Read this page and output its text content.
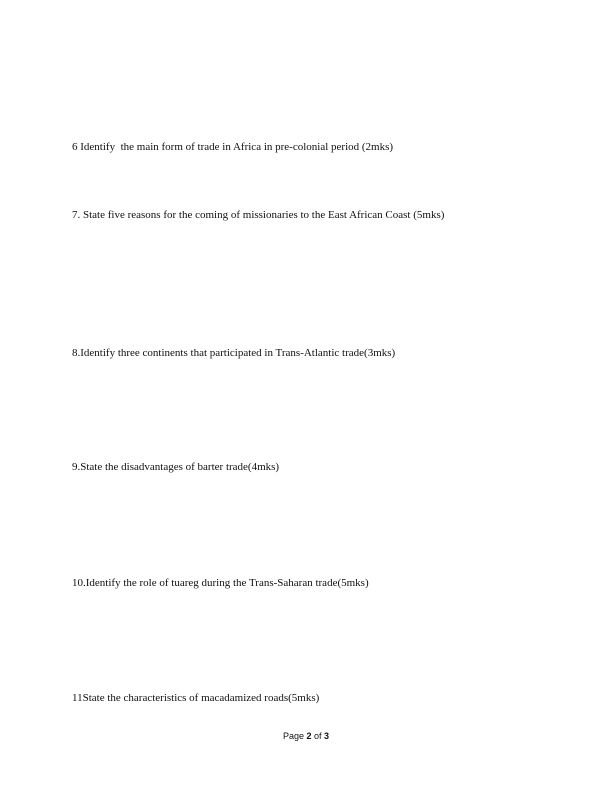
6 Identify  the main form of trade in Africa in pre-colonial period (2mks)

7. State five reasons for the coming of missionaries to the East African Coast (5mks)

8.Identify three continents that participated in Trans-Atlantic trade(3mks)

9.State the disadvantages of barter trade(4mks)

10.Identify the role of tuareg during the Trans-Saharan trade(5mks)

11State the characteristics of macadamized roads(5mks)

Page 2 of 3
